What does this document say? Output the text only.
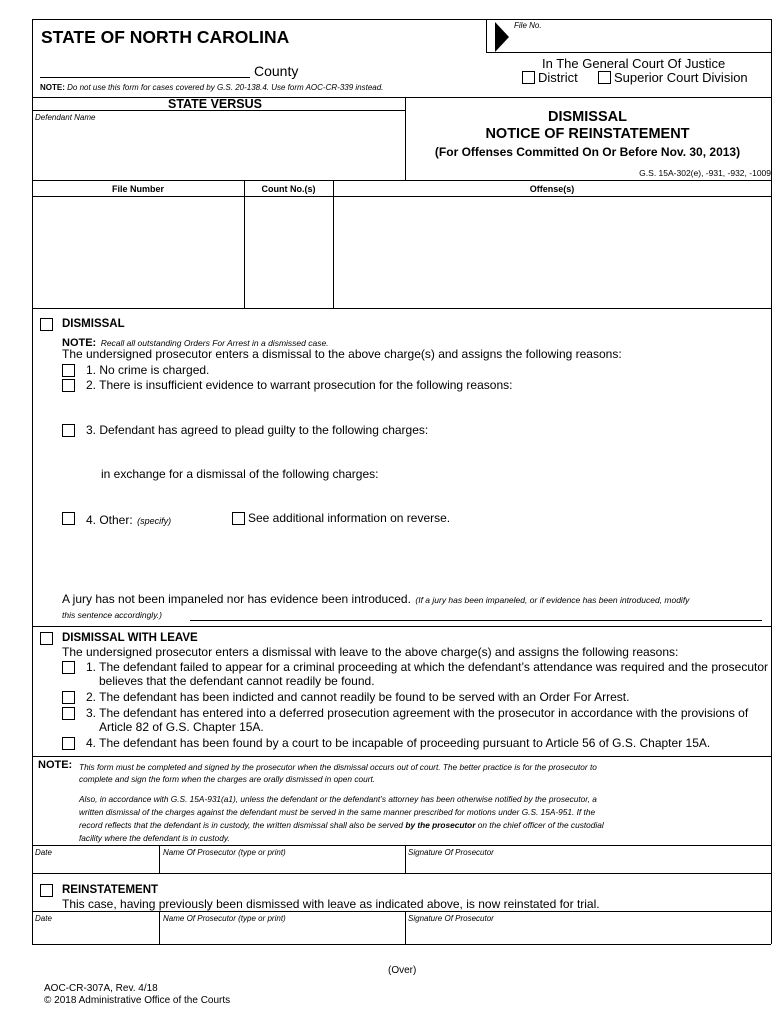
STATE OF NORTH CAROLINA
File No.
County
NOTE: Do not use this form for cases covered by G.S. 20-138.4. Use form AOC-CR-339 instead.
In The General Court Of Justice
District	Superior Court Division
STATE VERSUS
Defendant Name	DISMISSAL
NOTICE OF REINSTATEMENT
(For Offenses Committed On Or Before Nov. 30, 2013)
G.S. 15A-302(e), -931, -932, -1009
File Number	Count No.(s)	Offense(s)
DISMISSAL
NOTE: Recall all outstanding Orders For Arrest in a dismissed case.
The undersigned prosecutor enters a dismissal to the above charge(s) and assigns the following reasons:
1. No crime is charged.
2. There is insufficient evidence to warrant prosecution for the following reasons:
3. Defendant has agreed to plead guilty to the following charges:
in exchange for a dismissal of the following charges:
4. Other: (specify)	See additional information on reverse.
A jury has not been impaneled nor has evidence been introduced. (If a jury has been impaneled, or if evidence has been introduced, modify
this sentence accordingly.)
DISMISSAL WITH LEAVE
The undersigned prosecutor enters a dismissal with leave to the above charge(s) and assigns the following reasons:
1. The defendant failed to appear for a criminal proceeding at which the defendant’s attendance was required and the prosecutor
believes that the defendant cannot readily be found.
2. The defendant has been indicted and cannot readily be found to be served with an Order For Arrest.
3. The defendant has entered into a deferred prosecution agreement with the prosecutor in accordance with the provisions of
Article 82 of G.S. Chapter 15A.
4. The defendant has been found by a court to be incapable of proceeding pursuant to Article 56 of G.S. Chapter 15A.
NOTE: This form must be completed and signed by the prosecutor when the dismissal occurs out of court. The better practice is for the prosecutor to
complete and sign the form when the charges are orally dismissed in open court.
Also, in accordance with G.S. 15A-931(a1), unless the defendant or the defendant’s attorney has been otherwise notified by the prosecutor, a
written dismissal of the charges against the defendant must be served in the same manner prescribed for motions under G.S. 15A-951. If the
record reflects that the defendant is in custody, the written dismissal shall also be served by the prosecutor on the chief officer of the custodial
facility where the defendant is in custody.
Date	Name Of Prosecutor (type or print)	Signature Of Prosecutor
REINSTATEMENT
This case, having previously been dismissed with leave as indicated above, is now reinstated for trial.
Date	Name Of Prosecutor (type or print)	Signature Of Prosecutor
(Over)
AOC-CR-307A, Rev. 4/18
© 2018 Administrative Office of the Courts
